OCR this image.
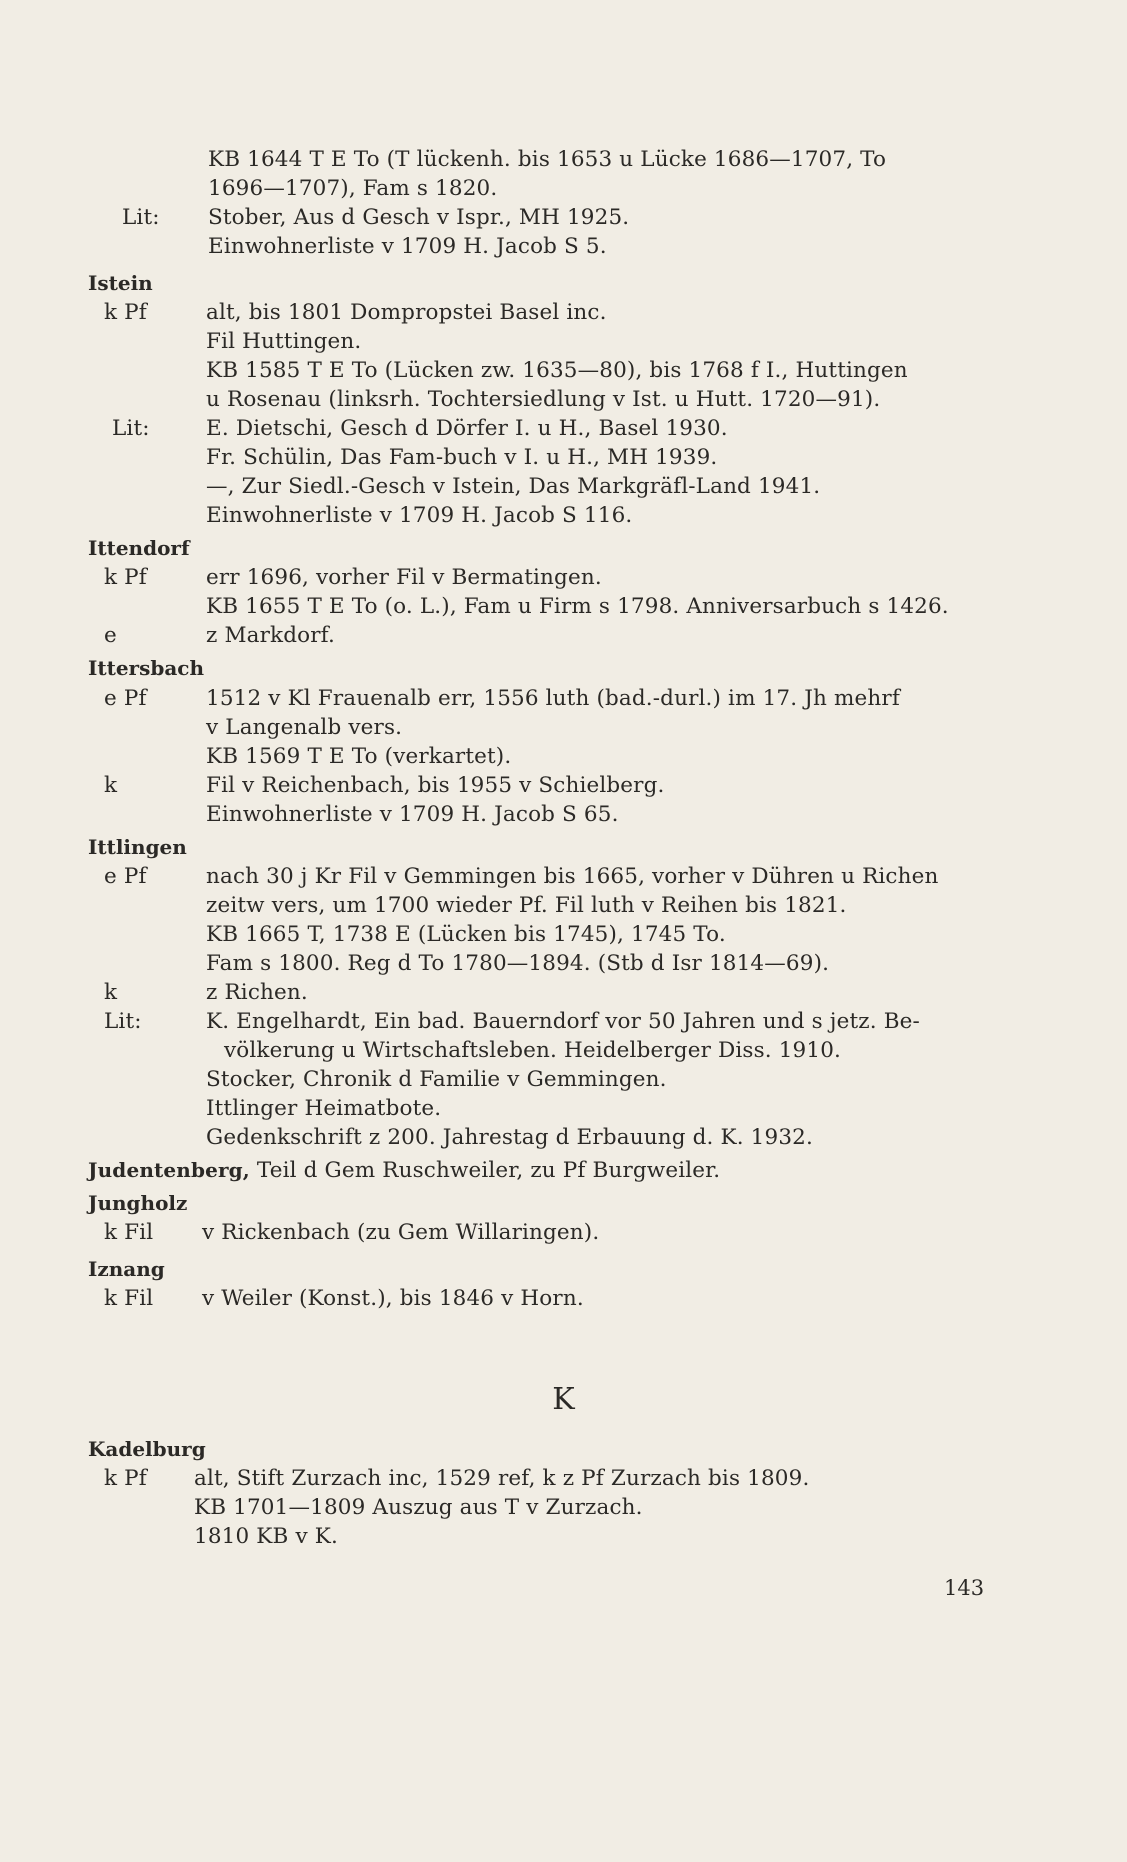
KB 1644 T E To (T lückenh. bis 1653 u Lücke 1686—1707, To
1696—1707), Fam s 1820.
Lit: Stober, Aus d Gesch v Ispr., MH 1925.
Einwohnerliste v 1709 H. Jacob S 5.
Istein
k Pf	alt, bis 1801 Dompropstei Basel inc.
Fil Huttingen.
KB 1585 T E To (Lücken zw. 1635—80), bis 1768 f I., Huttingen
u Rosenau (linksrh. Tochtersiedlung v Ist. u Hutt. 1720—91).
Lit:	E. Dietschi, Gesch d Dörfer I. u H., Basel 1930.
Fr. Schülin, Das Fam-buch v I. u H., MH 1939.
—, Zur Siedl.-Gesch v Istein, Das Markgräfl-Land 1941.
Einwohnerliste v 1709 H. Jacob S 116.
Ittendorf
k Pf	err 1696, vorher Fil v Bermatingen.
KB 1655 T E To (o. L.), Fam u Firm s 1798. Anniversarbuch s 1426.
e	z Markdorf.
Ittersbach
e Pf	1512 v Kl Frauenalb err, 1556 luth (bad.-durl.) im 17. Jh mehrf
v Langenalb vers.
KB 1569 T E To (verkartet).
k	Fil v Reichenbach, bis 1955 v Schielberg.
Einwohnerliste v 1709 H. Jacob S 65.
Ittlingen
e Pf	nach 30 j Kr Fil v Gemmingen bis 1665, vorher v Dühren u Richen
zeitw vers, um 1700 wieder Pf. Fil luth v Reihen bis 1821.
KB 1665 T, 1738 E (Lücken bis 1745), 1745 To.
Fam s 1800. Reg d To 1780—1894. (Stb d Isr 1814—69).
k	z Richen.
Lit:	K. Engelhardt, Ein bad. Bauerndorf vor 50 Jahren und s jetz. Be-
völkerung u Wirtschaftsleben. Heidelberger Diss. 1910.
Stocker, Chronik d Familie v Gemmingen.
Ittlinger Heimatbote.
Gedenkschrift z 200. Jahrestag d Erbauung d. K. 1932.
Judentenberg, Teil d Gem Ruschweiler, zu Pf Burgweiler.
Jungholz
k Fil v Rickenbach (zu Gem Willaringen).
Iznang
k Fil v Weiler (Konst.), bis 1846 v Horn.
K
Kadelburg
k Pf alt, Stift Zurzach inc, 1529 ref, k z Pf Zurzach bis 1809.
KB 1701—1809 Auszug aus T v Zurzach.
1810 KB v K.
143
